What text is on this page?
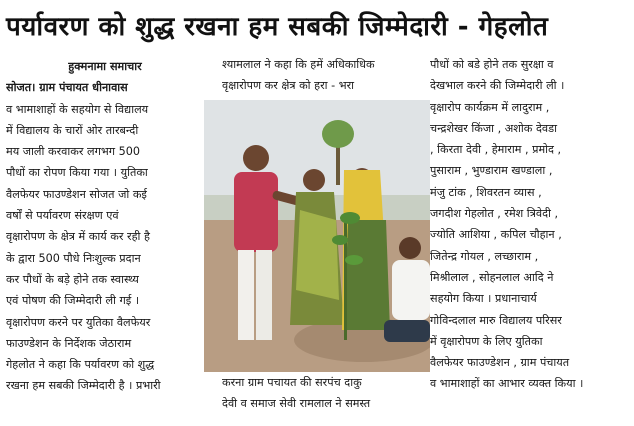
पर्यावरण को शुद्ध रखना हम सबकी जिम्मेदारी - गेहलोत

हुक्मनामा समाचार

सोजत। ग्राम पंचायत धीनावास

व भामाशाहों के सहयोग से विद्यालय

में विद्यालय के चारों ओर तारबन्दी

मय जाली करवाकर लगभग 500

पौधों का रोपण किया गया । युतिका

वैलफेयर फाउण्डेशन सोजत जो कई

वर्षों से पर्यावरण संरक्षण एवं

वृक्षारोपण के क्षेत्र में कार्य कर रही है

के द्वारा 500 पौधे निःशुल्क प्रदान

कर पौधों के बड़े होने तक स्वास्थ्य

एवं पोषण की जिम्मेदारी ली गई ।

वृक्षारोपण करने पर युतिका वैलफेयर

फाउण्डेशन के निर्देशक जेठाराम

गेहलोत ने कहा कि पर्यावरण को शुद्ध

रखना हम सबकी जिम्मेदारी है । प्रभारी

श्यामलाल ने कहा कि हमें अधिकाधिक

वृक्षारोपण कर क्षेत्र को हरा - भरा

करना ग्राम पचायत की सरपंच दाकु

देवी व समाज सेवी रामलाल ने समस्त

पौधों को बडे होने तक सुरक्षा व

देखभाल करने की जिम्मेदारी ली ।

वृक्षारोप कार्यक्रम में लादुराम ,

चन्द्रशेखर किंजा , अशोक देवडा

, किरता देवी , हेमाराम , प्रमोद ,

पुसाराम , भुण्डाराम खण्डाला ,

मंजु टांक , शिवरतन व्यास ,

जगदीश गेहलोत , रमेश त्रिवेदी ,

ज्योति आशिया , कपिल चौहान ,

जितेन्द्र गोयल , लच्छाराम ,

मिश्रीलाल , सोहनलाल आदि ने

सहयोग किया । प्रधानाचार्य

गोविन्दलाल मारु विद्यालय परिसर

में वृक्षारोपण के लिए युतिका

वैलफेयर फाउण्डेशन , ग्राम पंचायत

व भामाशाहों का आभार व्यक्त किया ।
